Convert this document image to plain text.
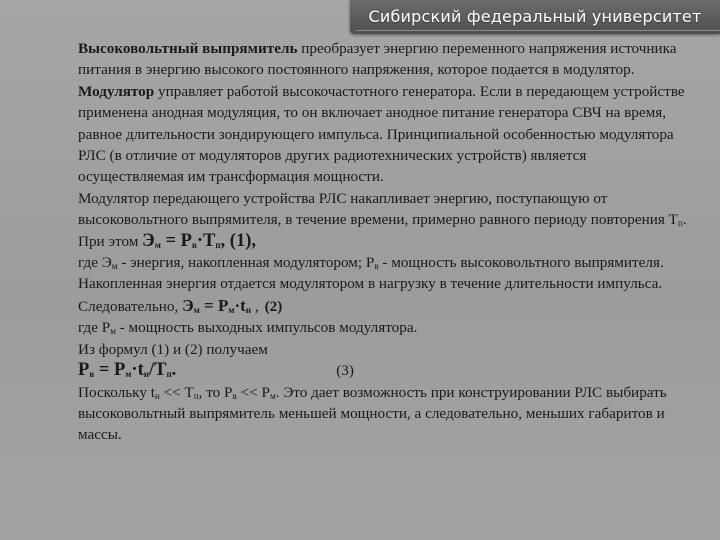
Сибирский федеральный университет

Высоковольтный выпрямитель преобразует энергию переменного напряжения источника питания в энергию высокого постоянного напряжения, которое подается в модулятор.

Модулятор управляет работой высокочастотного генератора. Если в передающем устройстве применена анодная модуляция, то он включает анодное питание генератора СВЧ на время, равное длительности зондирующего импульса. Принципиальной особенностью модулятора РЛС (в отличие от модуляторов других радиотехнических устройств) является осуществляемая им трансформация мощности.

Модулятор передающего устройства РЛС накапливает энергию, поступающую от высоковольтного выпрямителя, в течение времени, примерно равного периоду повторения $Т_п$. При этом $Э_м = Р_в\cdot Т_п$, (1),

где $Э_м$ - энергия, накопленная модулятором; $Р_в$ - мощность высоковольтного выпрямителя. Накопленная энергия отдается модулятором в нагрузку в течение длительности импульса. Следовательно, $Э_м = Р_м\cdot t_и$ , (2)

где $Р_м$ - мощность выходных импульсов модулятора.

Из формул (1) и (2) получаем

$Р_в = Р_м\cdot t_и/Т_п$.	(3)

Поскольку $t_и << Т_п$, то $Р_в << Р_м$. Это дает возможность при конструировании РЛС выбирать высоковольтный выпрямитель меньшей мощности, а следовательно, меньших габаритов и массы.
